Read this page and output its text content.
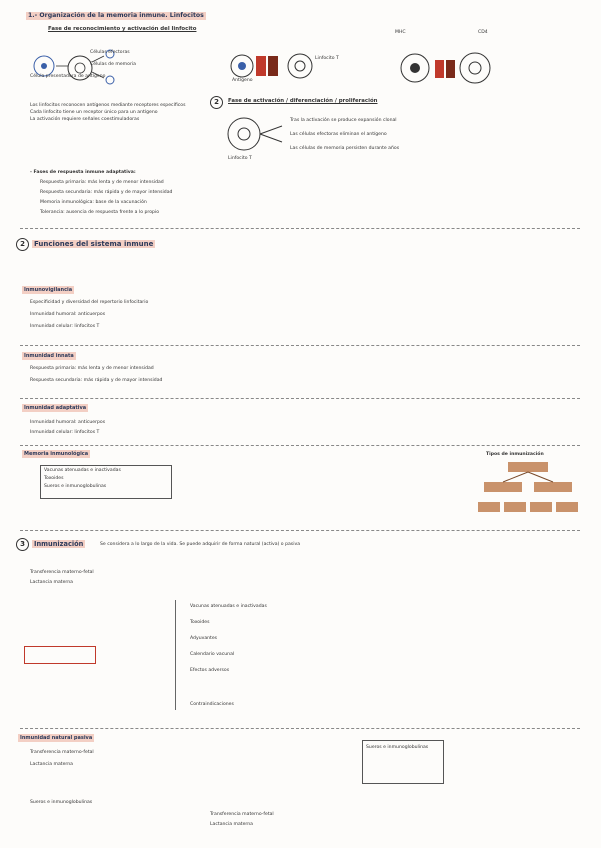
1.- Organización de la memoria inmune. Linfocitos
Fase de reconocimiento y activación del linfocito
Célula presentadora de antígeno
Células efectoras
Células de memoria
Antígeno
Linfocito T
MHC	CD4
Los linfocitos reconocen antígenos mediante receptores específicos
Cada linfocito tiene un receptor único para un antígeno
La activación requiere señales coestimuladoras
2	Fase de activación / diferenciación / proliferación
Linfocito T
Tras la activación se produce expansión clonal
Las células efectoras eliminan el antígeno
Las células de memoria persisten durante años
- Fases de respuesta inmune adaptativa:
Respuesta primaria: más lenta y de menor intensidad
Respuesta secundaria: más rápida y de mayor intensidad
Memoria inmunológica: base de la vacunación
Tolerancia: ausencia de respuesta frente a lo propio
2	Funciones del sistema inmune
Inmunovigilancia
Especificidad y diversidad del repertorio linfocitario
Inmunidad humoral: anticuerpos
Inmunidad celular: linfocitos T
Inmunidad innata
Respuesta primaria: más lenta y de menor intensidad
Respuesta secundaria: más rápida y de mayor intensidad
Inmunidad adaptativa
Inmunidad humoral: anticuerpos
Inmunidad celular: linfocitos T
Memoria inmunológica
Vacunas atenuadas e inactivadas
Toxoides
Sueros e inmunoglobulinas
Tipos de inmunización
3	Inmunización	Se considera a lo largo de la vida. Se puede adquirir de forma natural (activa) o pasiva
Transferencia materno-fetal
Lactancia materna
Vacunas atenuadas e inactivadas
Toxoides
Adyuvantes
Calendario vacunal
Efectos adversos
Contraindicaciones
Inmunidad natural pasiva
Transferencia materno-fetal
Lactancia materna
Sueros e inmunoglobulinas
Sueros e inmunoglobulinas
Transferencia materno-fetal
Lactancia materna
